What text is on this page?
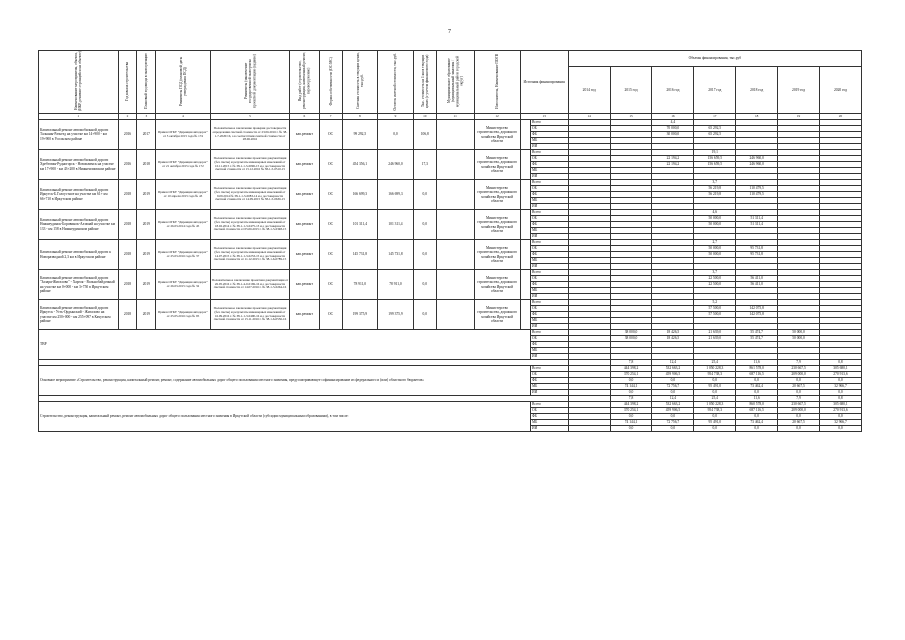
7
Наименование мероприятия, объекта, (ИКР, решение строящейся на объекте)	Год начала строительства	Плановый год ввода в эксплуатацию	Реквизиты ПСД (плановой даты утверждения ПСД)	Реквизиты (заключение государственной экспертизы проектной документации (задание)	Вид работ (строительство, реконструкция, капитальный ремонт, перевооружение)	Форма собственности (ОС/МС)	Сметная стоимость в текущих ценах, тыс.руб.	Остаток сметной стоимости, тыс.руб.	Тыс. стоимость на 1 км в текущих ценах (с учетом финансового года)	Муниципальное образование (муниципальный заказчик / муниципальный район городской округ)	Исполнитель, Наименование ПОГВ	Источник финансирования		Объемы финансирования, тыс.руб						
														2014 год	2015 год	2016 год	2017 год	2018 год	2019 год	2020 год
1	2	3	4	5	6	7	8	9	10	11	12	13		14	15	16	17	18	19	20
Капитальный ремонт автомобильной дороги Тальяны-Разъезд на участке км 14+900 - км 19+900 в Усольском районе	2016	2017	Приказ ОГКУ "Дирекция автодорог" от 5 октября 2015 года № 174	Положительное заключение проверки достоверности определения сметной стоимости от 23.06.2016 г. № 38-1-7-2020/16, а в соответствии сметной стоимости от 28.06.2016	кап.ремонт	ОС	99 292,5	0,0	106,8		Министерство строительства, дорожного хозяйства Иркутской области		Всего			4,4				
													ОБ			70 000,0	65 292,5			
													ФБ			30 000,0	65 292,5			
													МБ							
													ИИ							
Капитальный ремонт автомобильной дороги Хребтовая-Рудногорск - Новоилимск на участке км 17+900 - км 43+200 в Нижнеилимском районе	2016	2018	Приказ ОГКУ "Дирекция автодорог" от 21 октября 2015 года № 172	Положительное заключение проектная документация (без сметы) и результаты инженерных изысканий от 10.11.2015 г. № 38-1-1-3-0096-15 и о достоверности сметной стоимости от 15.12.2016 № 38-1-5-0510-15	кап.ремонт	ОС	454 356,1	246 960,0	17,3		Министерство строительства, дорожного хозяйства Иркутской области		Всего				19,1			
													ОБ			22 194,2	156 659,5	246 960,0		
													ФБ			22 194,2	156 659,5	246 960,0		
													МБ							
													ИИ							
Капитальный ремонт автомобильной дороги Иркутск-Б.Голоустное на участке км 61+ км 66+710 в Иркутском районе	2018	2019	Приказ ОГКУ "Дирекция автодорог" от 10 апреля 2015 года № 43	Положительное заключение проектная документация (без сметы) и результаты инженерных изысканий от 9.09.2014 № 38-1-1-3-0083-14 и о достоверности сметной стоимости от 14.09.2015 № 38-1-5-0636-15	кап.ремонт	ОС	166 699,3	166 699,3	0,0		Министерство строительства, дорожного хозяйства Иркутской области		Всего				3,7			
													ОБ				56 219,8	110 479,5		
													ФБ				56 219,8	110 479,5		
													МБ							
													ИИ							
Капитальный ремонт автомобильной дороги Нижнеудинск-Боровинок-Алзамай на участке км 133 - км 158 в Нижнеудинском районе	2018	2019	Приказ ОГКУ "Дирекция автодорог" от 26.03.2014 года № 45	Положительное заключение проектная документация (без сметы) и результаты инженерных изысканий от 18.02.2014 г. № 38-1-1-3-0475-13 и о достоверности сметной стоимости от 05.06.2015 г. № 38-1-5-0348-15	кап.ремонт	ОС	101 311,4	101 311,4	0,0		Министерство строительства, дорожного хозяйства Иркутской области		Всего				4,6			
													ОБ				50 000,0	51 311,4		
													ФБ				50 000,0	51 311,4		
													МБ							
													ИИ							
Капитальный ремонт автомобильной дороги к Новоразводной 2,3 км в Иркутском районе	2018	2019	Приказ ОГКУ "Дирекция автодорог" от 25.03.2016 года № 37	Положительное заключение проектная документация (без сметы) и результаты инженерных изысканий от 14.07.2015 г. № 38-1-1-3-0253-15 и о достоверности сметной стоимости от 11.12.2015 г. № 38-1-6-0789-15	кап.ремонт	ОС	145 731,8	145 731,8	0,0		Министерство строительства, дорожного хозяйства Иркутской области		Всего				2,7			
													ОБ				50 000,0	95 731,8		
													ФБ				50 000,0	95 731,8		
													МБ							
													ИИ							
Капитальный ремонт автомобильной дороги "Заларя-Жигалово" - Харгоя - Вольнобайдочный на участке км 0+000 - км 3+750 в Иркутском районе	2018	2019	Приказ ОГКУ "Дирекция автодорог" от 26.03.2015 года № 32	Положительное заключение проектная документация от 26.05.2016 г. № 38-1-4-0-0169-16 и о достоверности сметной стоимости от 14.07.2016 г. № 38-1-5-0264-16	кап.ремонт	ОС	78 911,0	78 911,0	0,0		Министерство строительства, дорожного хозяйства Иркутской области		Всего				3,7			
													ОБ				22 500,0	56 411,0		
													ФБ				22 500,0	56 411,0		
													МБ							
													ИИ							
Капитальный ремонт автомобильной дороги Иркутск - Усть-Ордынский - Жигалово на участке км 250+000 - км 255+097 в Качугском районе	2018	2019	Приказ ОГКУ "Дирекция автодорог" от 25.05.2016 года № 95	Положительное заключение проектная документация (без сметы) и результаты инженерных изысканий от 16.09.2016 г. № 38-1-1-3-0490-16 и о достоверности сметной стоимости от 15.11.2016 г. № 38-1-6-0536-16	кап.ремонт	ОС	199 375,9	199 375,9	0,0		Министерство строительства, дорожного хозяйства Иркутской области		Всего				5,2			
													ОБ				57 500,0	142 075,8		
													ФБ				57 500,0	142 075,8		
													МБ							
													ИИ							
ТВР													Всего		38 000,0	18 426,5	21 639,0	55 474,7	50 000,0	
													ОБ		38 000,0	18 426,5	21 639,0	55 474,7	50 000,0	
													ФБ							
													МБ							
													ИИ							
															7,8	12,4	25,4	11,6	7,9	0,8
Основное мероприятие «Строительство, реконструкция, капитальный ремонт, ремонт, содержание автомобильных дорог общего пользования местного значения, предусматривающее софинансирование из федерального и (или) областного бюджетов»													Всего		444 398,2	532 663,2	1 050 228,3	861 578,0	230 667,5	305 680,1
													ОБ		370 254,1	459 906,5	954 738,3	687 116,5	209 000,0	270 913,6
													ФБ		0,0	0,0	0,0	0,0	0,0	0,0
													МБ		74 144,1	72 756,7	95 491,0	73 462,4	20 667,5	32 966,7
													ИИ		0,0	0,0	0,0	0,0	0,0	0,0
															7,8	12,4	25,4	11,6	7,9	0,8
Строительство, реконструкция, капитальный ремонт, ремонт автомобильных дорог общего пользования местного значения в Иркутской области (субсидии муниципальным образованиям), в том числе:													Всего		444 398,2	532 663,2	1 050 228,3	860 578,0	230 667,5	305 680,1
													ОБ		370 254,1	459 906,5	954 738,3	687 116,5	209 000,0	270 913,6
													ФБ		0,0	0,0	0,0	0,0	0,0	0,0
													МБ		74 144,1	72 756,7	95 491,0	73 462,4	20 667,5	32 966,7
													ИИ		0,0	0,0	0,0	0,0	0,0	0,0
